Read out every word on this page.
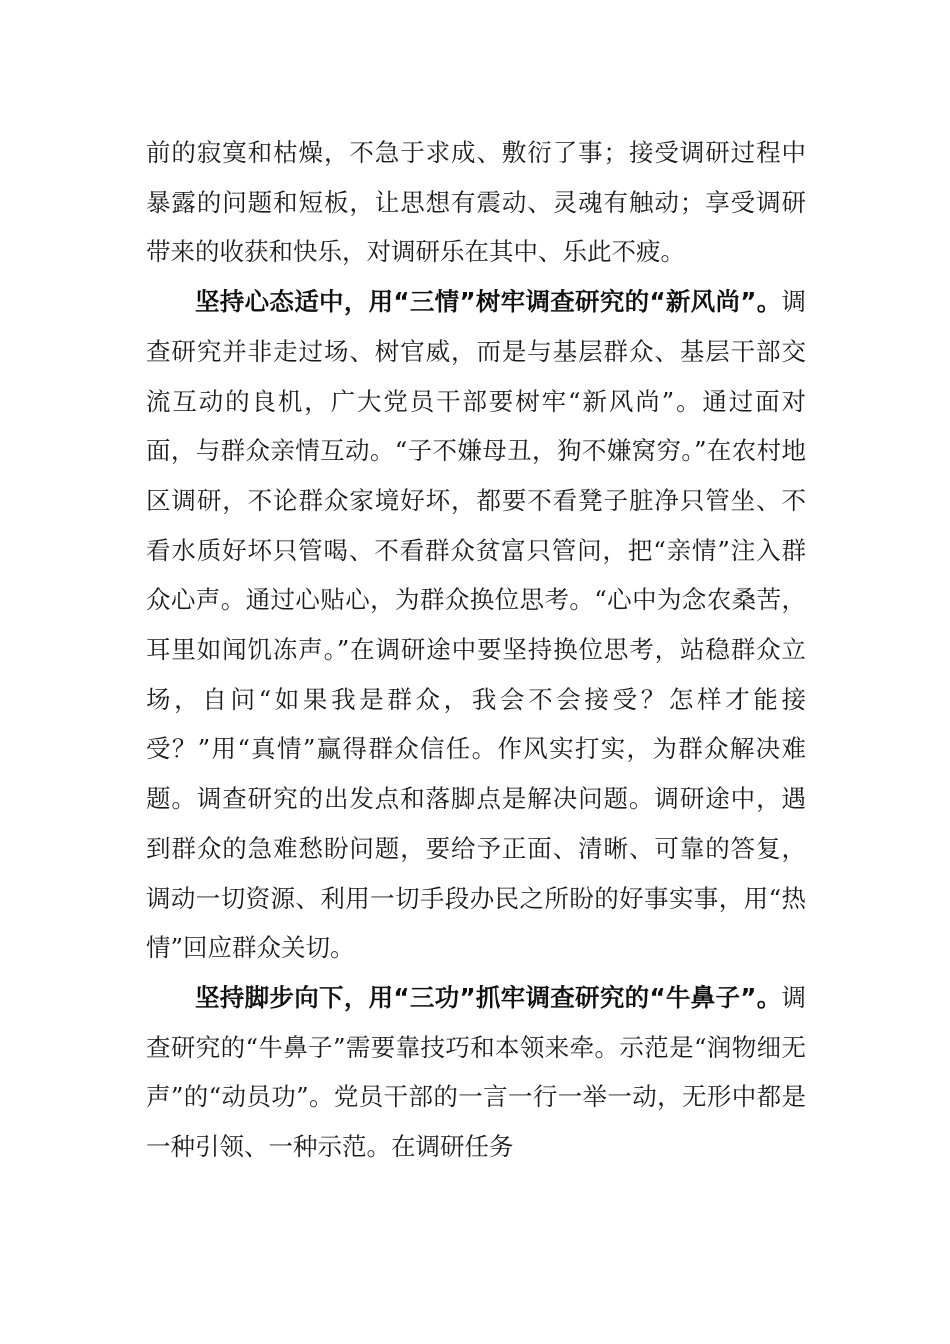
前的寂寞和枯燥，不急于求成、敷衍了事；接受调研过程中暴露的问题和短板，让思想有震动、灵魂有触动；享受调研带来的收获和快乐，对调研乐在其中、乐此不疲。

坚持心态适中，用“三情”树牢调查研究的“新风尚”。调查研究并非走过场、树官威，而是与基层群众、基层干部交流互动的良机，广大党员干部要树牢“新风尚”。通过面对面，与群众亲情互动。“子不嫌母丑，狗不嫌窝穷。”在农村地区调研，不论群众家境好坏，都要不看凳子脏净只管坐、不看水质好坏只管喝、不看群众贫富只管问，把“亲情”注入群众心声。通过心贴心，为群众换位思考。“心中为念农桑苦，耳里如闻饥冻声。”在调研途中要坚持换位思考，站稳群众立场，自问“如果我是群众，我会不会接受？怎样才能接受？”用“真情”赢得群众信任。作风实打实，为群众解决难题。调查研究的出发点和落脚点是解决问题。调研途中，遇到群众的急难愁盼问题，要给予正面、清晰、可靠的答复，调动一切资源、利用一切手段办民之所盼的好事实事，用“热情”回应群众关切。

坚持脚步向下，用“三功”抓牢调查研究的“牛鼻子”。调查研究的“牛鼻子”需要靠技巧和本领来牵。示范是“润物细无声”的“动员功”。党员干部的一言一行一举一动，无形中都是一种引领、一种示范。在调研任务
